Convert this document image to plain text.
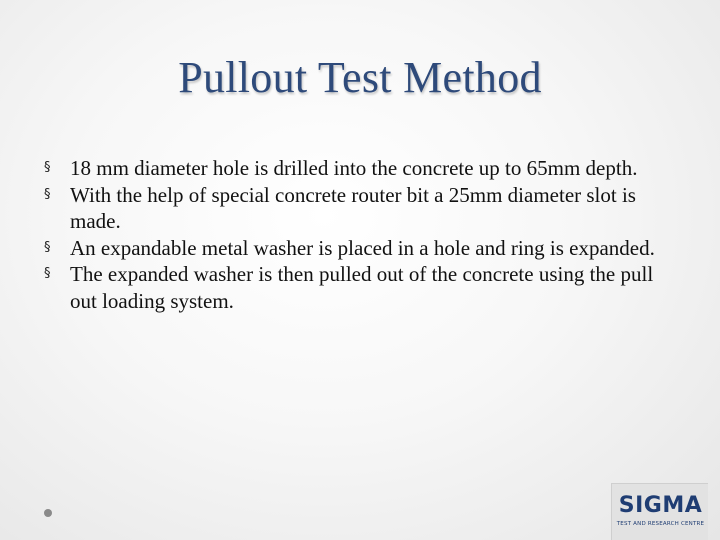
Pullout Test Method
§ 18 mm diameter hole is drilled into the concrete up to 65mm depth.
§ With the help of special concrete router bit a 25mm diameter slot is made.
§ An expandable metal washer is placed in a hole and ring is expanded.
§ The expanded washer is then pulled out of the concrete using the pull out loading system.
SIGMA
TEST AND RESEARCH CENTRE
